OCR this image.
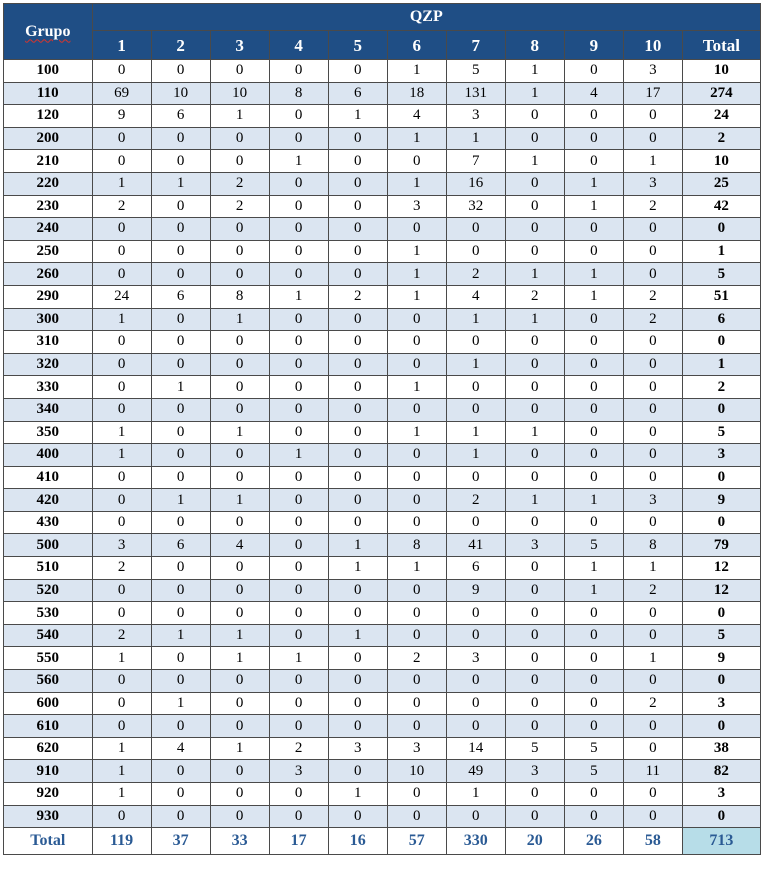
Grupo	QZP										
	1	2	3	4	5	6	7	8	9	10	Total
100	0	0	0	0	0	1	5	1	0	3	10
110	69	10	10	8	6	18	131	1	4	17	274
120	9	6	1	0	1	4	3	0	0	0	24
200	0	0	0	0	0	1	1	0	0	0	2
210	0	0	0	1	0	0	7	1	0	1	10
220	1	1	2	0	0	1	16	0	1	3	25
230	2	0	2	0	0	3	32	0	1	2	42
240	0	0	0	0	0	0	0	0	0	0	0
250	0	0	0	0	0	1	0	0	0	0	1
260	0	0	0	0	0	1	2	1	1	0	5
290	24	6	8	1	2	1	4	2	1	2	51
300	1	0	1	0	0	0	1	1	0	2	6
310	0	0	0	0	0	0	0	0	0	0	0
320	0	0	0	0	0	0	1	0	0	0	1
330	0	1	0	0	0	1	0	0	0	0	2
340	0	0	0	0	0	0	0	0	0	0	0
350	1	0	1	0	0	1	1	1	0	0	5
400	1	0	0	1	0	0	1	0	0	0	3
410	0	0	0	0	0	0	0	0	0	0	0
420	0	1	1	0	0	0	2	1	1	3	9
430	0	0	0	0	0	0	0	0	0	0	0
500	3	6	4	0	1	8	41	3	5	8	79
510	2	0	0	0	1	1	6	0	1	1	12
520	0	0	0	0	0	0	9	0	1	2	12
530	0	0	0	0	0	0	0	0	0	0	0
540	2	1	1	0	1	0	0	0	0	0	5
550	1	0	1	1	0	2	3	0	0	1	9
560	0	0	0	0	0	0	0	0	0	0	0
600	0	1	0	0	0	0	0	0	0	2	3
610	0	0	0	0	0	0	0	0	0	0	0
620	1	4	1	2	3	3	14	5	5	0	38
910	1	0	0	3	0	10	49	3	5	11	82
920	1	0	0	0	1	0	1	0	0	0	3
930	0	0	0	0	0	0	0	0	0	0	0
Total	119	37	33	17	16	57	330	20	26	58	713
